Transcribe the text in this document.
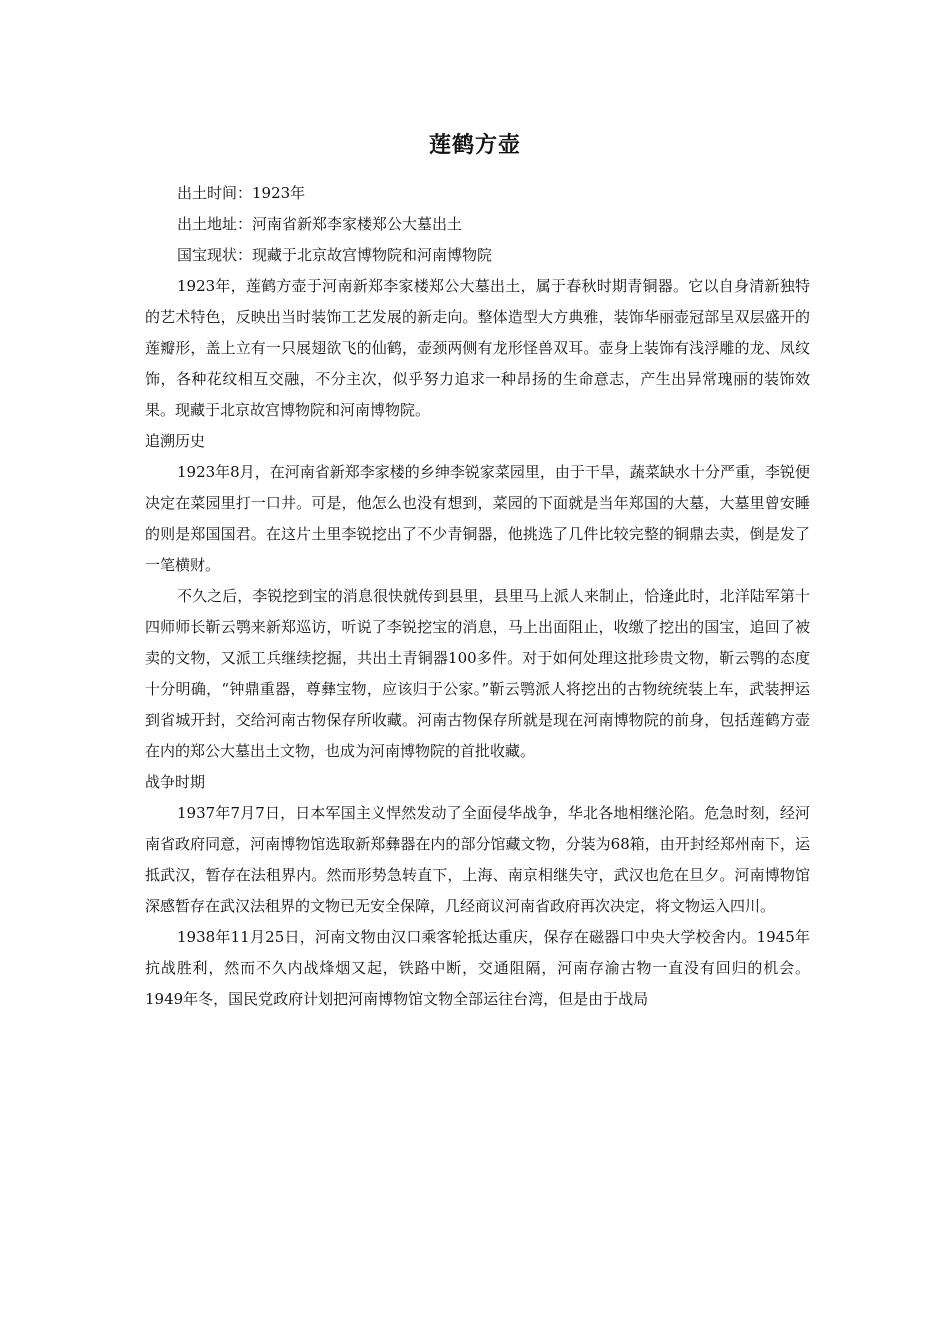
莲鹤方壶

出土时间：1923年

出土地址：河南省新郑李家楼郑公大墓出土

国宝现状：现藏于北京故宫博物院和河南博物院

1923年，莲鹤方壶于河南新郑李家楼郑公大墓出土，属于春秋时期青铜器。它以自身清新独特的艺术特色，反映出当时装饰工艺发展的新走向。整体造型大方典雅，装饰华丽壶冠部呈双层盛开的莲瓣形，盖上立有一只展翅欲飞的仙鹤，壶颈两侧有龙形怪兽双耳。壶身上装饰有浅浮雕的龙、凤纹饰，各种花纹相互交融，不分主次，似乎努力追求一种昂扬的生命意志，产生出异常瑰丽的装饰效果。现藏于北京故宫博物院和河南博物院。

追溯历史

1923年8月，在河南省新郑李家楼的乡绅李锐家菜园里，由于干旱，蔬菜缺水十分严重，李锐便决定在菜园里打一口井。可是，他怎么也没有想到，菜园的下面就是当年郑国的大墓，大墓里曾安睡的则是郑国国君。在这片土里李锐挖出了不少青铜器，他挑选了几件比较完整的铜鼎去卖，倒是发了一笔横财。

不久之后，李锐挖到宝的消息很快就传到县里，县里马上派人来制止，恰逢此时，北洋陆军第十四师师长靳云鹗来新郑巡访，听说了李锐挖宝的消息，马上出面阻止，收缴了挖出的国宝，追回了被卖的文物，又派工兵继续挖掘，共出土青铜器100多件。对于如何处理这批珍贵文物，靳云鹗的态度十分明确，“钟鼎重器，尊彝宝物，应该归于公家。”靳云鹗派人将挖出的古物统统装上车，武装押运到省城开封，交给河南古物保存所收藏。河南古物保存所就是现在河南博物院的前身，包括莲鹤方壶在内的郑公大墓出土文物，也成为河南博物院的首批收藏。

战争时期

1937年7月7日，日本军国主义悍然发动了全面侵华战争，华北各地相继沦陷。危急时刻，经河南省政府同意，河南博物馆选取新郑彝器在内的部分馆藏文物，分装为68箱，由开封经郑州南下，运抵武汉，暂存在法租界内。然而形势急转直下，上海、南京相继失守，武汉也危在旦夕。河南博物馆深感暂存在武汉法租界的文物已无安全保障，几经商议河南省政府再次决定，将文物运入四川。

1938年11月25日，河南文物由汉口乘客轮抵达重庆，保存在磁器口中央大学校舍内。1945年抗战胜利，然而不久内战烽烟又起，铁路中断，交通阻隔，河南存渝古物一直没有回归的机会。1949年冬，国民党政府计划把河南博物馆文物全部运往台湾，但是由于战局
